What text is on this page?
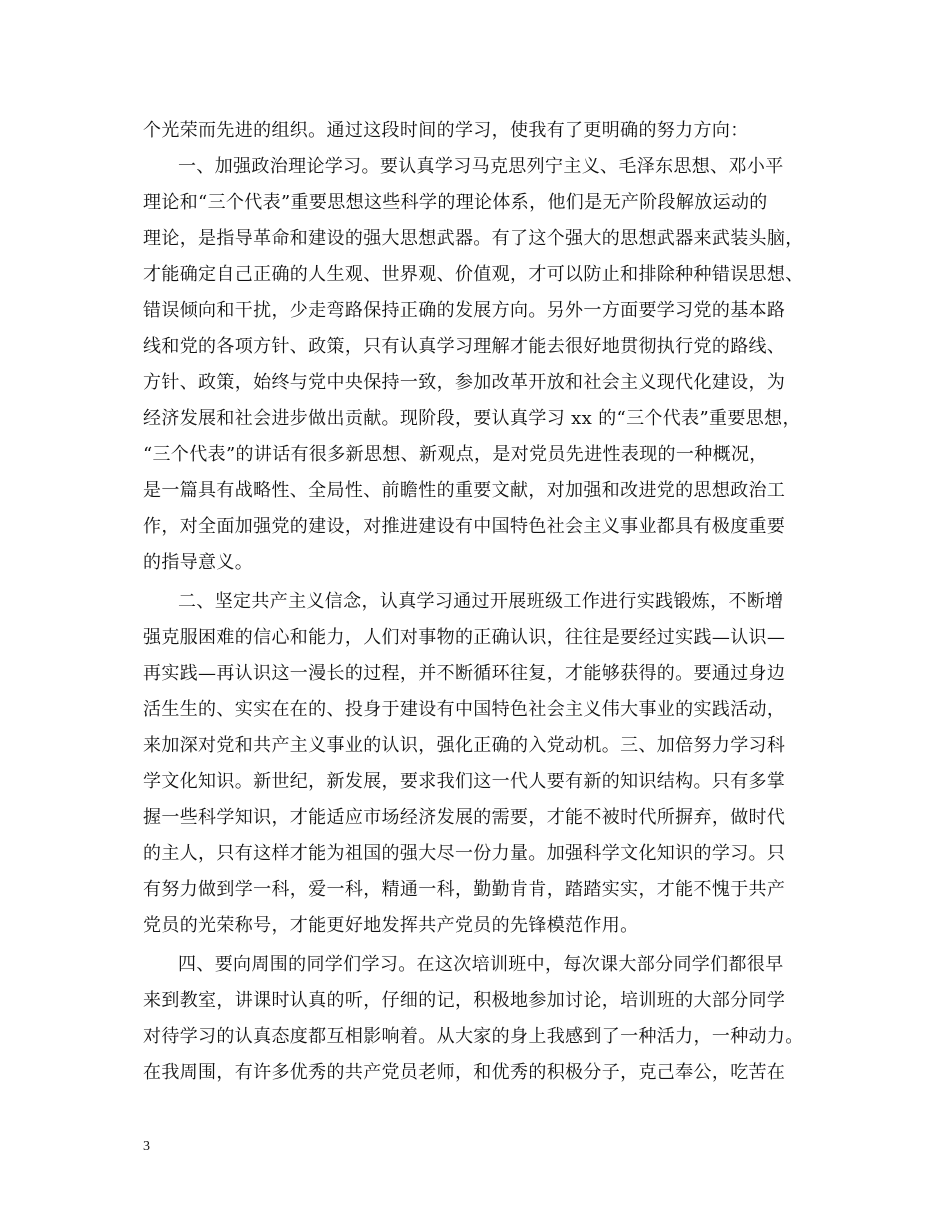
个光荣而先进的组织。通过这段时间的学习，使我有了更明确的努力方向：
一、加强政治理论学习。要认真学习马克思列宁主义、毛泽东思想、邓小平
理论和“三个代表”重要思想这些科学的理论体系，他们是无产阶段解放运动的
理论，是指导革命和建设的强大思想武器。有了这个强大的思想武器来武装头脑，
才能确定自己正确的人生观、世界观、价值观，才可以防止和排除种种错误思想、
错误倾向和干扰，少走弯路保持正确的发展方向。另外一方面要学习党的基本路
线和党的各项方针、政策，只有认真学习理解才能去很好地贯彻执行党的路线、
方针、政策，始终与党中央保持一致，参加改革开放和社会主义现代化建设，为
经济发展和社会进步做出贡献。现阶段，要认真学习 xx 的“三个代表”重要思想，
“三个代表”的讲话有很多新思想、新观点，是对党员先进性表现的一种概况，
是一篇具有战略性、全局性、前瞻性的重要文献，对加强和改进党的思想政治工
作，对全面加强党的建设，对推进建设有中国特色社会主义事业都具有极度重要
的指导意义。
二、坚定共产主义信念，认真学习通过开展班级工作进行实践锻炼，不断增
强克服困难的信心和能力，人们对事物的正确认识，往往是要经过实践—认识—
再实践—再认识这一漫长的过程，并不断循环往复，才能够获得的。要通过身边
活生生的、实实在在的、投身于建设有中国特色社会主义伟大事业的实践活动，
来加深对党和共产主义事业的认识，强化正确的入党动机。三、加倍努力学习科
学文化知识。新世纪，新发展，要求我们这一代人要有新的知识结构。只有多掌
握一些科学知识，才能适应市场经济发展的需要，才能不被时代所摒弃，做时代
的主人，只有这样才能为祖国的强大尽一份力量。加强科学文化知识的学习。只
有努力做到学一科，爱一科，精通一科，勤勤肯肯，踏踏实实，才能不愧于共产
党员的光荣称号，才能更好地发挥共产党员的先锋模范作用。
四、要向周围的同学们学习。在这次培训班中，每次课大部分同学们都很早
来到教室，讲课时认真的听，仔细的记，积极地参加讨论，培训班的大部分同学
对待学习的认真态度都互相影响着。从大家的身上我感到了一种活力，一种动力。
在我周围，有许多优秀的共产党员老师，和优秀的积极分子，克己奉公，吃苦在
3
